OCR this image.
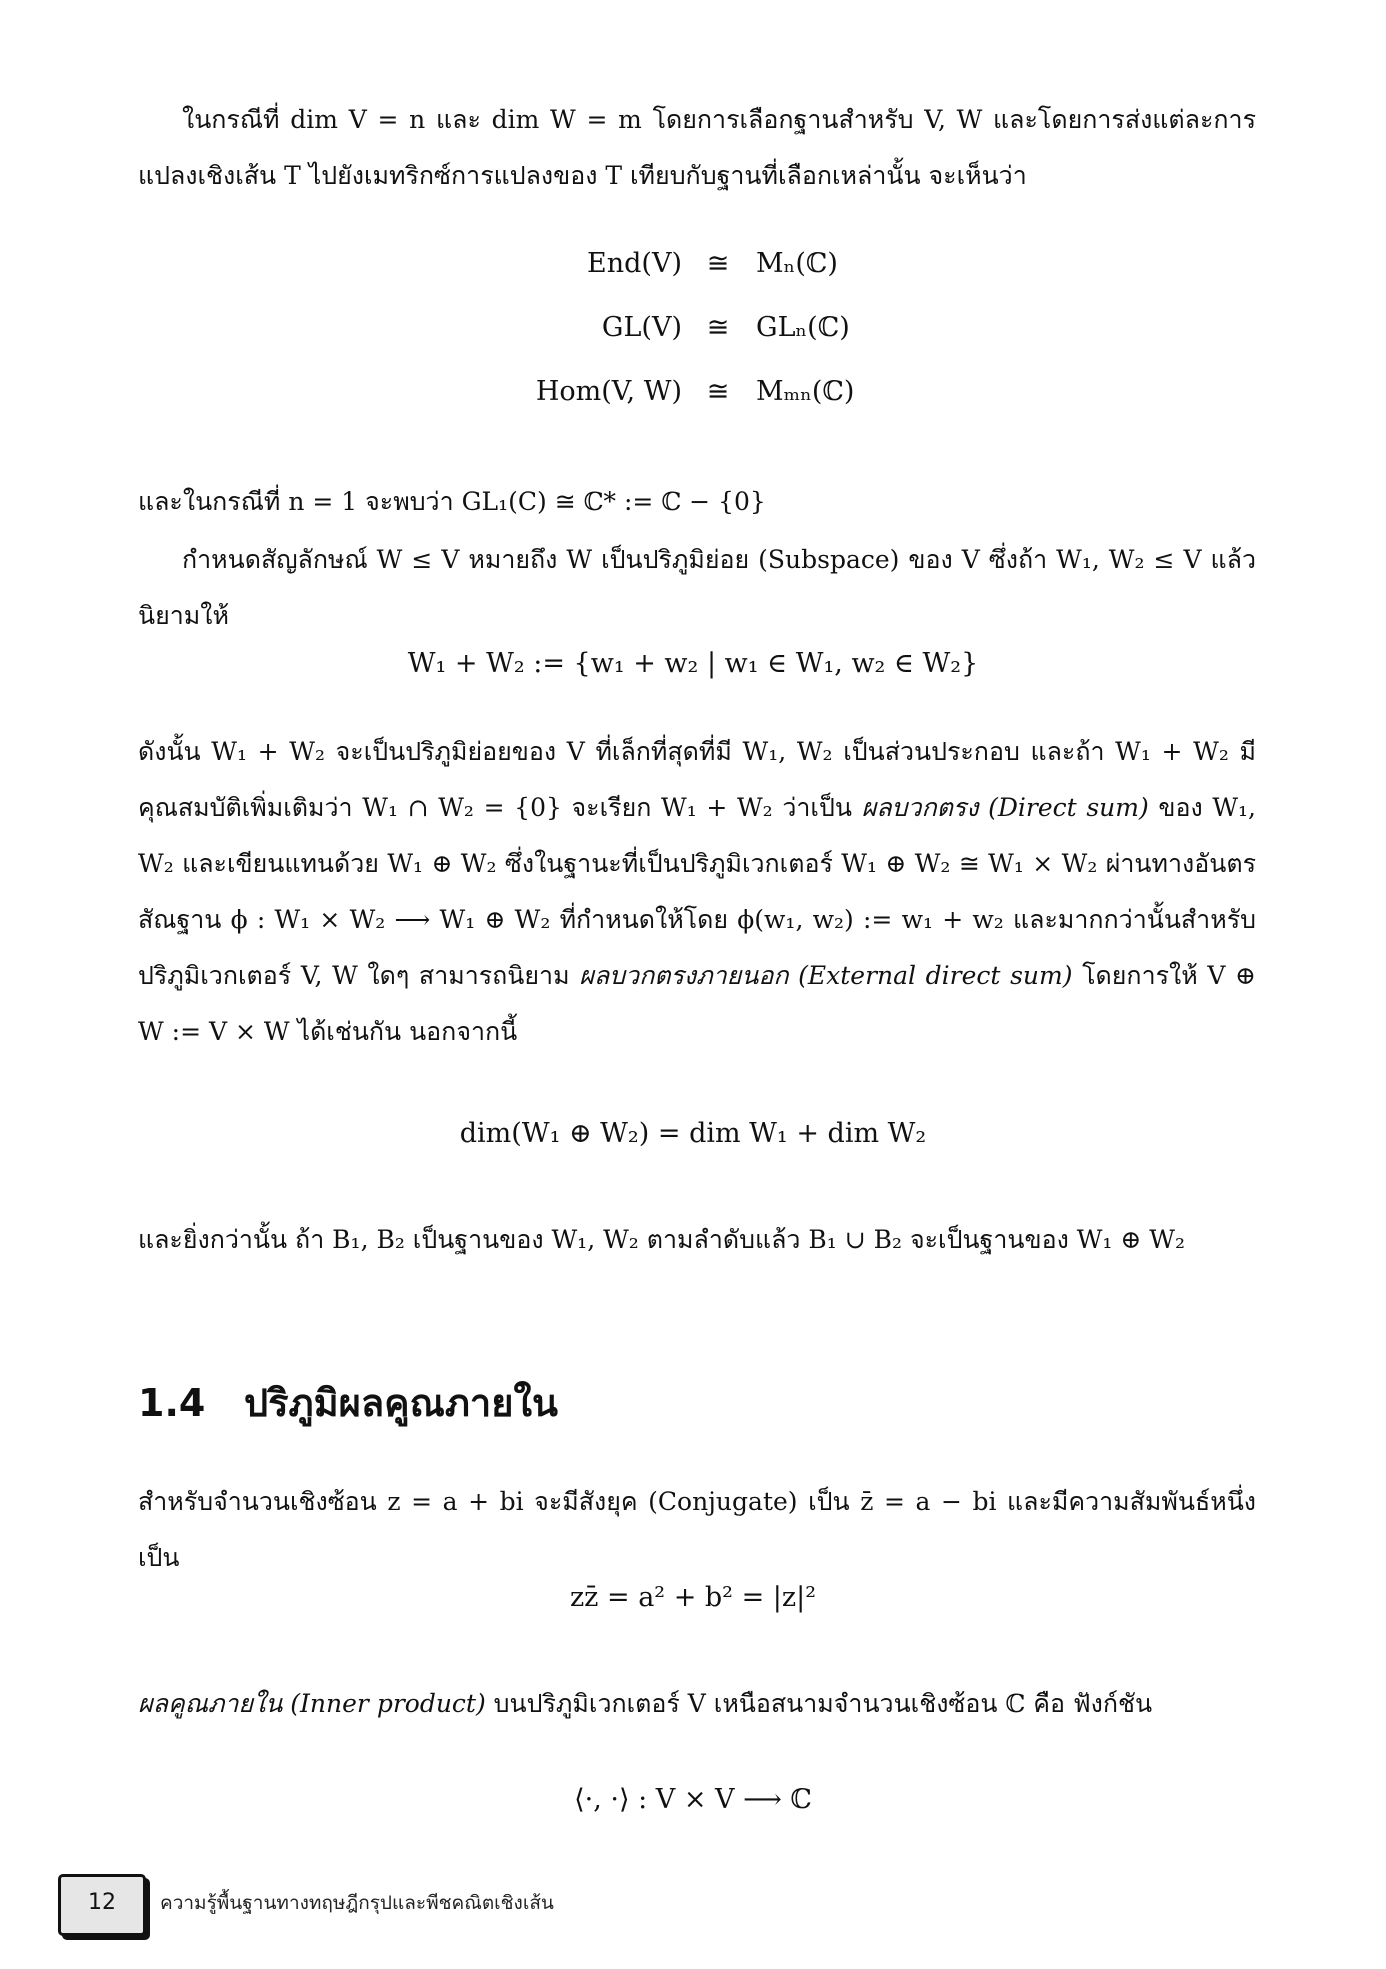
ในกรณีที่ dim V = n และ dim W = m โดยการเลือกฐานสำหรับ V, W และโดยการส่งแต่ละการแปลงเชิงเส้น T ไปยังเมทริกซ์การแปลงของ T เทียบกับฐานที่เลือกเหล่านั้น จะเห็นว่า

End(V) ≅ Mₙ(ℂ)
GL(V) ≅ GLₙ(ℂ)
Hom(V, W) ≅ Mₘₙ(ℂ)

และในกรณีที่ n = 1 จะพบว่า GL₁(C) ≅ ℂ* := ℂ − {0}

กำหนดสัญลักษณ์ W ≤ V หมายถึง W เป็นปริภูมิย่อย (Subspace) ของ V ซึ่งถ้า W₁, W₂ ≤ V แล้ว นิยามให้

W₁ + W₂ := {w₁ + w₂ | w₁ ∈ W₁, w₂ ∈ W₂}

ดังนั้น W₁ + W₂ จะเป็นปริภูมิย่อยของ V ที่เล็กที่สุดที่มี W₁, W₂ เป็นส่วนประกอบ และถ้า W₁ + W₂ มีคุณสมบัติเพิ่มเติมว่า W₁ ∩ W₂ = {0} จะเรียก W₁ + W₂ ว่าเป็น ผลบวกตรง (Direct sum) ของ W₁, W₂ และเขียนแทนด้วย W₁ ⊕ W₂ ซึ่งในฐานะที่เป็นปริภูมิเวกเตอร์ W₁ ⊕ W₂ ≅ W₁ × W₂ ผ่านทางอันตรสัณฐาน ϕ : W₁ × W₂ ⟶ W₁ ⊕ W₂ ที่กำหนดให้โดย ϕ(w₁, w₂) := w₁ + w₂ และมากกว่านั้นสำหรับปริภูมิเวกเตอร์ V, W ใดๆ สามารถนิยาม ผลบวกตรงภายนอก (External direct sum) โดยการให้ V ⊕ W := V × W ได้เช่นกัน นอกจากนี้

dim(W₁ ⊕ W₂) = dim W₁ + dim W₂

และยิ่งกว่านั้น ถ้า B₁, B₂ เป็นฐานของ W₁, W₂ ตามลำดับแล้ว B₁ ∪ B₂ จะเป็นฐานของ W₁ ⊕ W₂

1.4 ปริภูมิผลคูณภายใน

สำหรับจำนวนเชิงซ้อน z = a + bi จะมีสังยุค (Conjugate) เป็น z̄ = a − bi และมีความสัมพันธ์หนึ่งเป็น

zz̄ = a² + b² = |z|²

ผลคูณภายใน (Inner product) บนปริภูมิเวกเตอร์ V เหนือสนามจำนวนเชิงซ้อน ℂ คือ ฟังก์ชัน

⟨·, ·⟩ : V × V ⟶ ℂ
12	ความรู้พื้นฐานทางทฤษฎีกรุปและพีชคณิตเชิงเส้น
